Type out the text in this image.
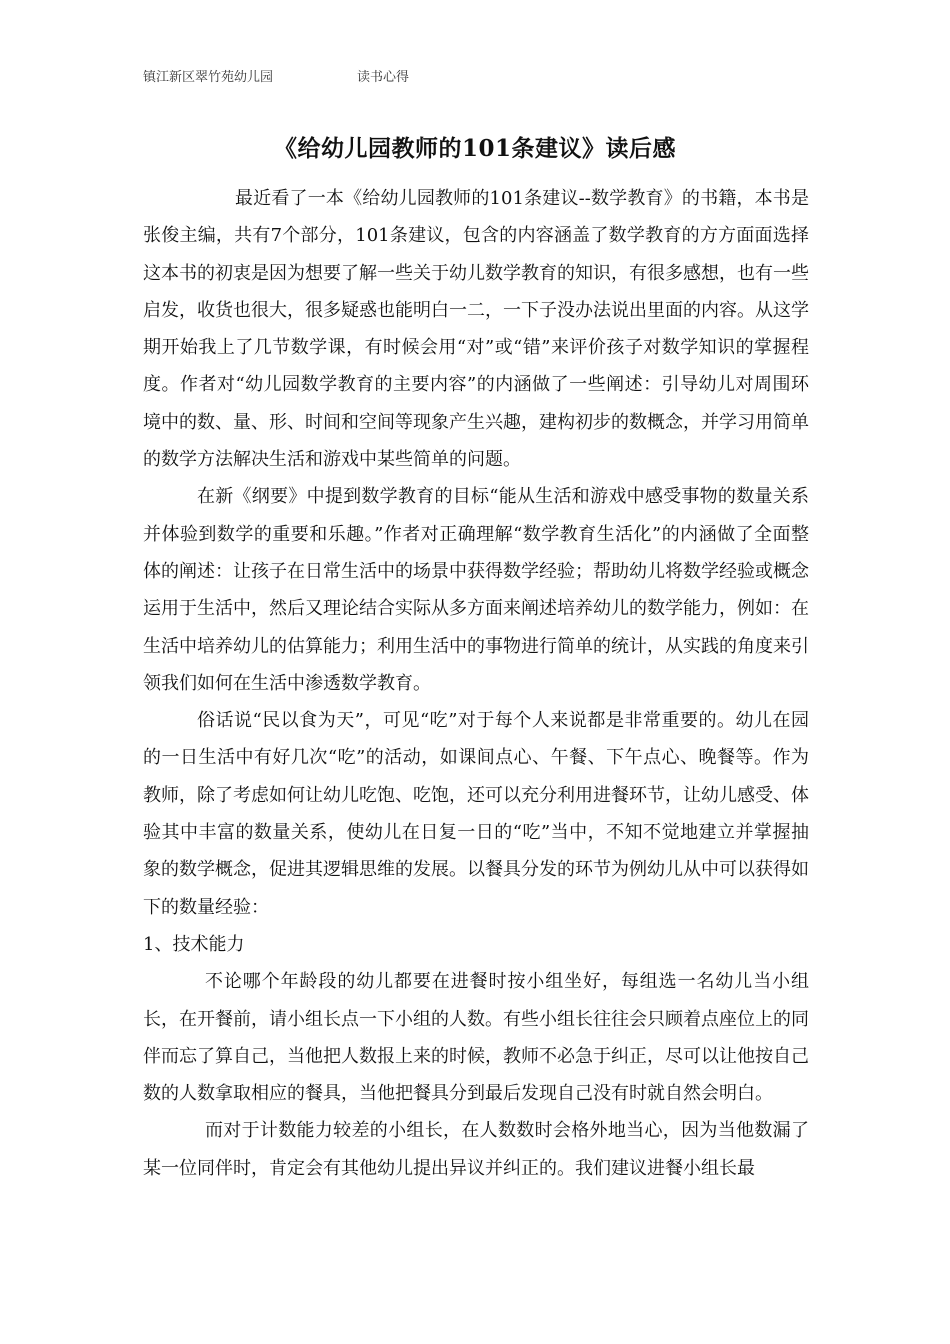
镇江新区翠竹苑幼儿园	读书心得
《给幼儿园教师的101条建议》读后感

最近看了一本《给幼儿园教师的101条建议--数学教育》的书籍，本书是张俊主编，共有7个部分，101条建议，包含的内容涵盖了数学教育的方方面面选择这本书的初衷是因为想要了解一些关于幼儿数学教育的知识，有很多感想，也有一些启发，收货也很大，很多疑惑也能明白一二，一下子没办法说出里面的内容。从这学期开始我上了几节数学课，有时候会用“对”或“错”来评价孩子对数学知识的掌握程度。作者对“幼儿园数学教育的主要内容”的内涵做了一些阐述：引导幼儿对周围环境中的数、量、形、时间和空间等现象产生兴趣，建构初步的数概念，并学习用简单的数学方法解决生活和游戏中某些简单的问题。

在新《纲要》中提到数学教育的目标“能从生活和游戏中感受事物的数量关系并体验到数学的重要和乐趣。”作者对正确理解“数学教育生活化”的内涵做了全面整体的阐述：让孩子在日常生活中的场景中获得数学经验；帮助幼儿将数学经验或概念运用于生活中，然后又理论结合实际从多方面来阐述培养幼儿的数学能力，例如：在生活中培养幼儿的估算能力；利用生活中的事物进行简单的统计，从实践的角度来引领我们如何在生活中渗透数学教育。

俗话说“民以食为天”，可见“吃”对于每个人来说都是非常重要的。幼儿在园的一日生活中有好几次“吃”的活动，如课间点心、午餐、下午点心、晚餐等。作为教师，除了考虑如何让幼儿吃饱、吃饱，还可以充分利用进餐环节，让幼儿感受、体验其中丰富的数量关系，使幼儿在日复一日的“吃”当中，不知不觉地建立并掌握抽象的数学概念，促进其逻辑思维的发展。以餐具分发的环节为例幼儿从中可以获得如下的数量经验：

1、技术能力

不论哪个年龄段的幼儿都要在进餐时按小组坐好，每组选一名幼儿当小组长，在开餐前，请小组长点一下小组的人数。有些小组长往往会只顾着点座位上的同伴而忘了算自己，当他把人数报上来的时候，教师不必急于纠正，尽可以让他按自己数的人数拿取相应的餐具，当他把餐具分到最后发现自己没有时就自然会明白。

而对于计数能力较差的小组长，在人数数时会格外地当心，因为当他数漏了某一位同伴时，肯定会有其他幼儿提出异议并纠正的。我们建议进餐小组长最
